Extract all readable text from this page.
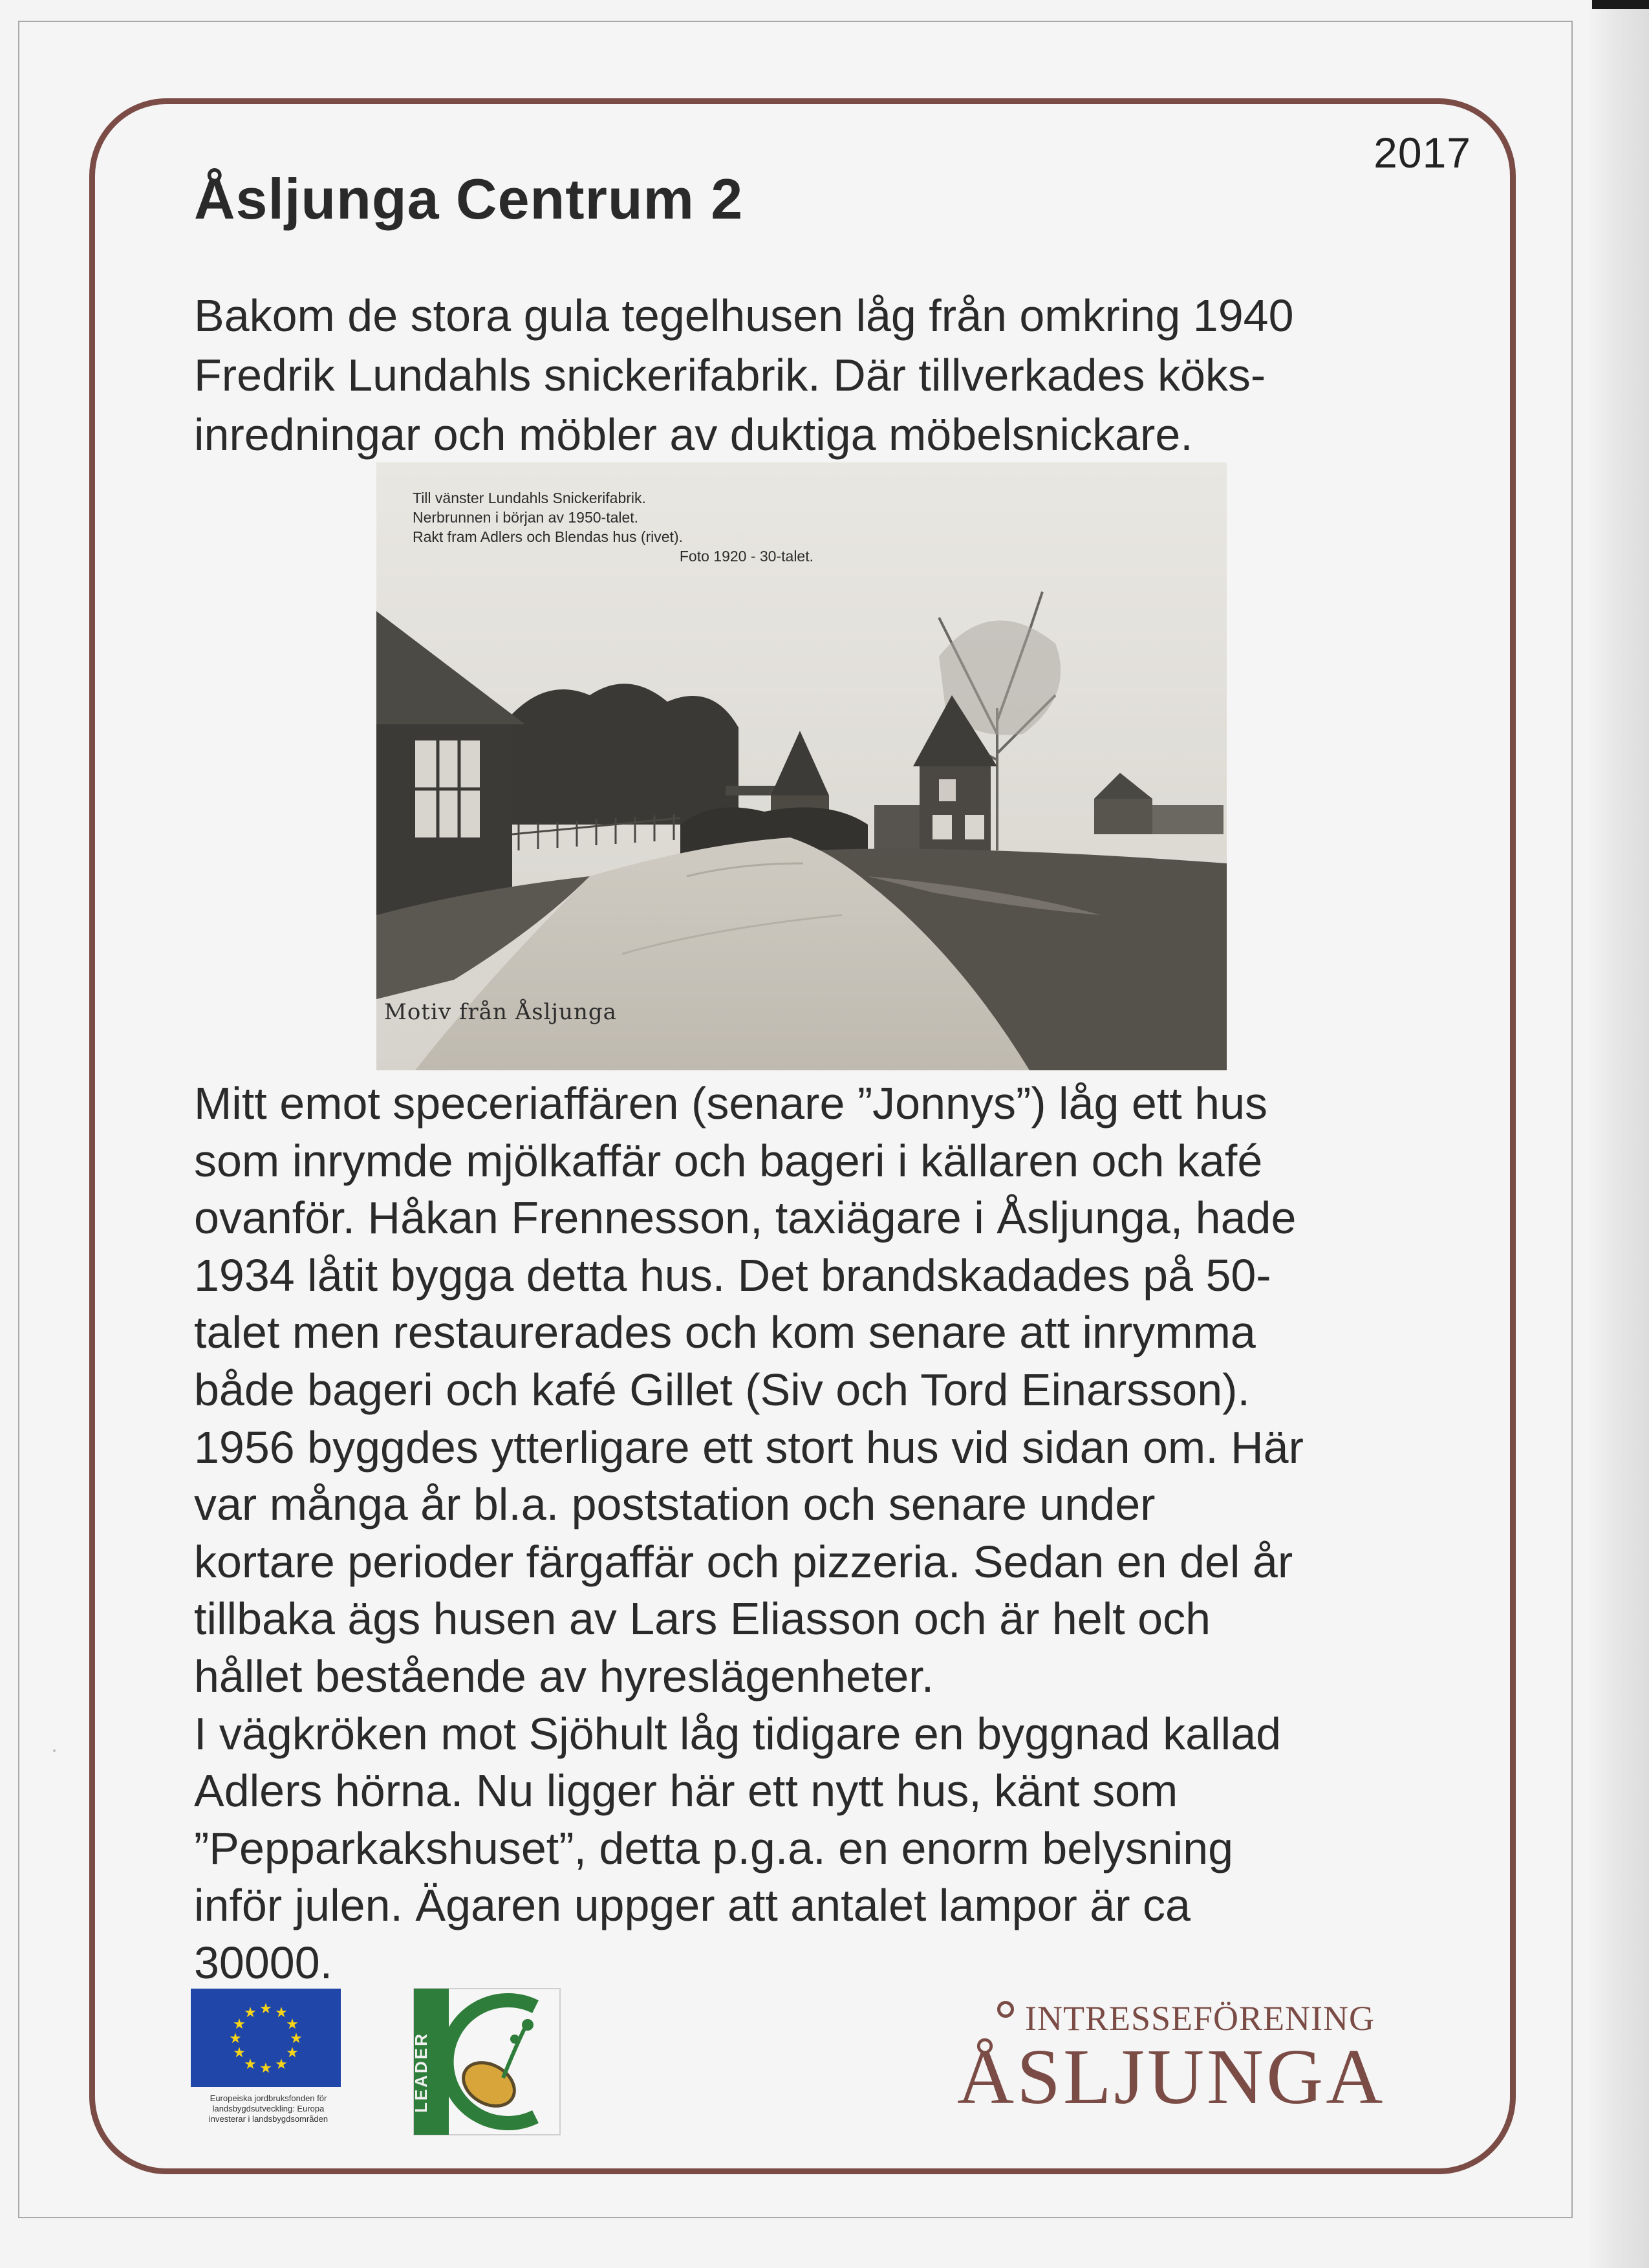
2017
Åsljunga Centrum 2
Bakom de stora gula tegelhusen låg från omkring 1940
Fredrik Lundahls snickerifabrik. Där tillverkades köks-
inredningar och möbler av duktiga möbelsnickare.
Till vänster Lundahls Snickerifabrik.
Nerbrunnen i början av 1950-talet.
Rakt fram Adlers och Blendas hus (rivet).
Foto 1920 - 30-talet.
Motiv från Åsljunga
Mitt emot speceriaffären (senare ”Jonnys”) låg ett hus
som inrymde mjölkaffär och bageri i källaren och kafé
ovanför. Håkan Frennesson, taxiägare i Åsljunga, hade
1934 låtit bygga detta hus. Det brandskadades på 50-
talet men restaurerades och kom senare att inrymma
både bageri och kafé Gillet (Siv och Tord Einarsson).
1956 byggdes ytterligare ett stort hus vid sidan om. Här
var många år bl.a. poststation och senare under
kortare perioder färgaffär och pizzeria. Sedan en del år
tillbaka ägs husen av Lars Eliasson och är helt och
hållet bestående av hyreslägenheter.
I vägkröken mot Sjöhult låg tidigare en byggnad kallad
Adlers hörna. Nu ligger här ett nytt hus, känt som
”Pepparkakshuset”, detta p.g.a. en enorm belysning
inför julen. Ägaren uppger att antalet lampor är ca
30000.
★ ★
★
★
★
★
★
★
★
★
★
★
Europeiska jordbruksfonden för
landsbygdsutveckling: Europa
investerar i landsbygdsområden
LEADER
INTRESSEFÖRENING
ÅSLJUNGA
